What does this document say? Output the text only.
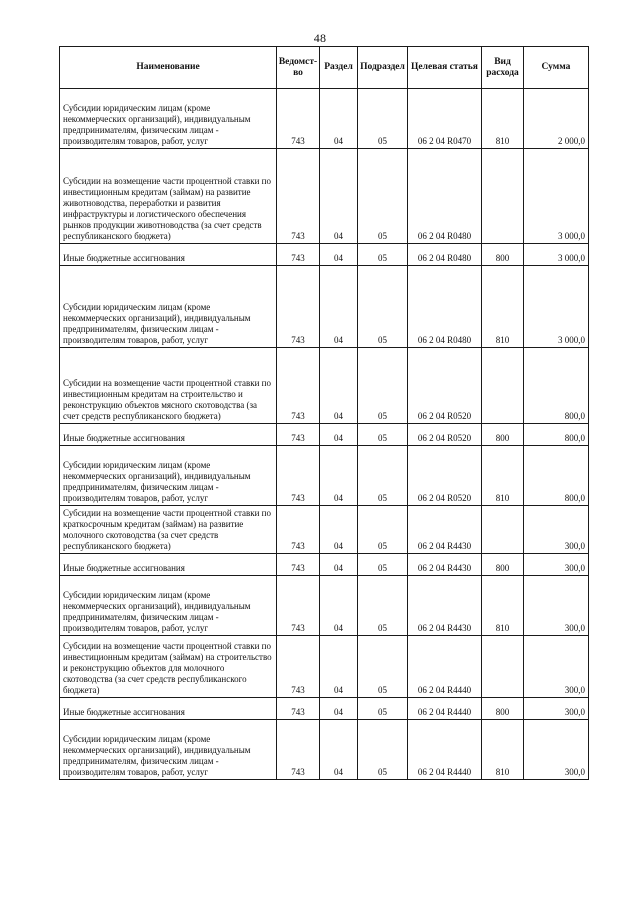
48
Наименование	Ведомст-во	Раздел	Подраздел	Целевая статья	Вид расхода	Сумма
Субсидии юридическим лицам (кроме некоммерческих организаций), индивидуальным предпринимателям, физическим лицам - производителям товаров, работ, услуг	743	04	05	06 2 04 R0470	810	2 000,0
Субсидии на возмещение части процентной ставки по инвестиционным кредитам (займам) на развитие животноводства, переработки и развития инфраструктуры и логистического обеспечения рынков продукции животноводства (за счет средств республиканского бюджета)	743	04	05	06 2 04 R0480		3 000,0
Иные бюджетные ассигнования	743	04	05	06 2 04 R0480	800	3 000,0
Субсидии юридическим лицам (кроме некоммерческих организаций), индивидуальным предпринимателям, физическим лицам - производителям товаров, работ, услуг	743	04	05	06 2 04 R0480	810	3 000,0
Субсидии на возмещение части процентной ставки по инвестиционным кредитам на строительство и реконструкцию объектов мясного скотоводства (за счет средств республиканского бюджета)	743	04	05	06 2 04 R0520		800,0
Иные бюджетные ассигнования	743	04	05	06 2 04 R0520	800	800,0
Субсидии юридическим лицам (кроме некоммерческих организаций), индивидуальным предпринимателям, физическим лицам - производителям товаров, работ, услуг	743	04	05	06 2 04 R0520	810	800,0
Субсидии на возмещение части процентной ставки по краткосрочным кредитам (займам) на развитие молочного скотоводства (за счет средств республиканского бюджета)	743	04	05	06 2 04 R4430		300,0
Иные бюджетные ассигнования	743	04	05	06 2 04 R4430	800	300,0
Субсидии юридическим лицам (кроме некоммерческих организаций), индивидуальным предпринимателям, физическим лицам - производителям товаров, работ, услуг	743	04	05	06 2 04 R4430	810	300,0
Субсидии на возмещение части процентной ставки по инвестиционным кредитам (займам) на строительство и реконструкцию объектов для молочного скотоводства (за счет средств республиканского бюджета)	743	04	05	06 2 04 R4440		300,0
Иные бюджетные ассигнования	743	04	05	06 2 04 R4440	800	300,0
Субсидии юридическим лицам (кроме некоммерческих организаций), индивидуальным предпринимателям, физическим лицам - производителям товаров, работ, услуг	743	04	05	06 2 04 R4440	810	300,0
